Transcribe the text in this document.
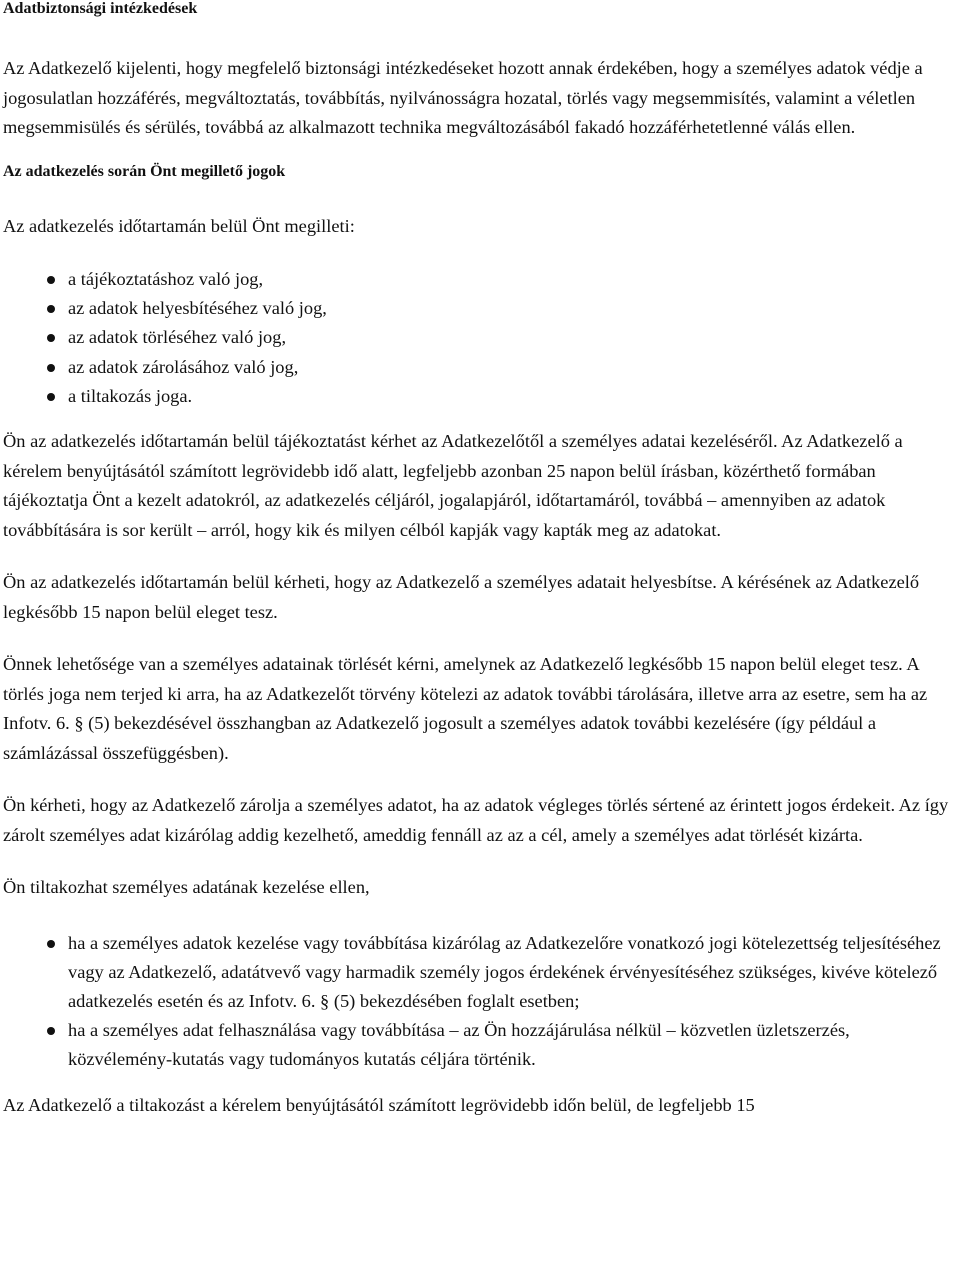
Adatbiztonsági intézkedések

Az Adatkezelő kijelenti, hogy megfelelő biztonsági intézkedéseket hozott annak érdekében, hogy a személyes adatok védje a jogosulatlan hozzáférés, megváltoztatás, továbbítás, nyilvánosságra hozatal, törlés vagy megsemmisítés, valamint a véletlen megsemmisülés és sérülés, továbbá az alkalmazott technika megváltozásából fakadó hozzáférhetetlenné válás ellen.

Az adatkezelés során Önt megillető jogok

Az adatkezelés időtartamán belül Önt megilleti:

a tájékoztatáshoz való jog,
az adatok helyesbítéséhez való jog,
az adatok törléséhez való jog,
az adatok zárolásához való jog,
a tiltakozás joga.

Ön az adatkezelés időtartamán belül tájékoztatást kérhet az Adatkezelőtől a személyes adatai kezeléséről. Az Adatkezelő a kérelem benyújtásától számított legrövidebb idő alatt, legfeljebb azonban 25 napon belül írásban, közérthető formában tájékoztatja Önt a kezelt adatokról, az adatkezelés céljáról, jogalapjáról, időtartamáról, továbbá – amennyiben az adatok továbbítására is sor került – arról, hogy kik és milyen célból kapják vagy kapták meg az adatokat.

Ön az adatkezelés időtartamán belül kérheti, hogy az Adatkezelő a személyes adatait helyesbítse. A kérésének az Adatkezelő legkésőbb 15 napon belül eleget tesz.

Önnek lehetősége van a személyes adatainak törlését kérni, amelynek az Adatkezelő legkésőbb 15 napon belül eleget tesz. A törlés joga nem terjed ki arra, ha az Adatkezelőt törvény kötelezi az adatok további tárolására, illetve arra az esetre, sem ha az Infotv. 6. § (5) bekezdésével összhangban az Adatkezelő jogosult a személyes adatok további kezelésére (így például a számlázással összefüggésben).

Ön kérheti, hogy az Adatkezelő zárolja a személyes adatot, ha az adatok végleges törlés sértené az érintett jogos érdekeit. Az így zárolt személyes adat kizárólag addig kezelhető, ameddig fennáll az az a cél, amely a személyes adat törlését kizárta.

Ön tiltakozhat személyes adatának kezelése ellen,

ha a személyes adatok kezelése vagy továbbítása kizárólag az Adatkezelőre vonatkozó jogi kötelezettség teljesítéséhez vagy az Adatkezelő, adatátvevő vagy harmadik személy jogos érdekének érvényesítéséhez szükséges, kivéve kötelező adatkezelés esetén és az Infotv. 6. § (5) bekezdésében foglalt esetben;
ha a személyes adat felhasználása vagy továbbítása – az Ön hozzájárulása nélkül – közvetlen üzletszerzés, közvélemény-kutatás vagy tudományos kutatás céljára történik.

Az Adatkezelő a tiltakozást a kérelem benyújtásától számított legrövidebb időn belül, de legfeljebb 15
